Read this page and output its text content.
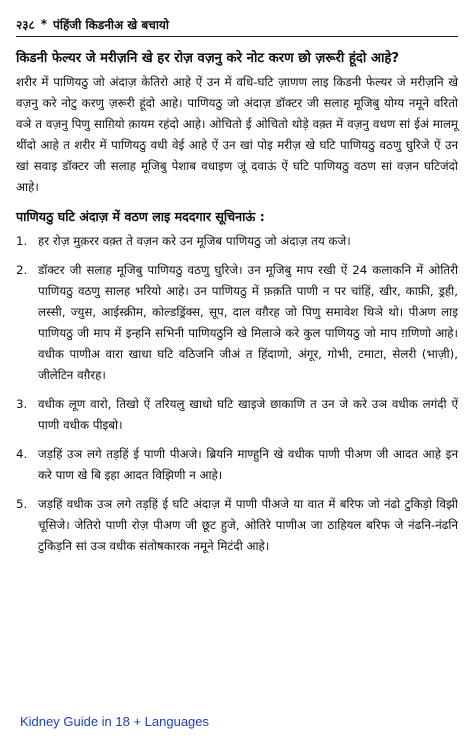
२३८ * पंहिंजी किडनीअ खे बचायो
किडनी फेल्यर जे मरीज़नि खे हर रोज़ वज़नु करे नोट करण छो ज़रूरी हूंदो आहे?

शरीर में पाणियठु जो अंदाज़ केतिरो आहे ऐं उन में वधि-घटि ज़ाणण लाइ किडनी फेल्यर जे मरीज़नि खे वज़नु करे नोटु करणु ज़रूरी हूंदो आहे। पाणियठु जो अंदाज़ डॉक्टर जी सलाह मूजिबु योग्य नमूने वरितो वञे त वज़नु पिणु साग़ियो क़ायम रहंदो आहे। ओचितो ई ओचितो थोड़े वक़्त में वज़नु वधण सां ईअं मालमू थींदो आहे त शरीर में पाणियठु वधी वेई आहे ऐं उन खां पोइ मरीज़ खे घटि पाणियठु वठणु घुरिजे ऐं उन खां सवाइ डॉक्टर जी सलाह मूजिबु पेशाब वधाइण जूं दवाऊं ऐं घटि पाणियठु वठण सां वज़न घटिजंदो आहे।

पाणियठु घटि अंदाज़ में वठण लाइ मददगार सूचिनाऊं :
1. हर रोज़ मुक़रर वक़्त ते वज़न करे उन मूजिब पाणियठु जो अंदाज़ तय कजे।
2. डॉक्टर जी सलाह मूजिबु पाणियठु वठणु घुरिजे। उन मूजिबु माप रखी ऐं 24 कलाकनि में ओतिरी पाणियठु वठणु सालह भरियो आहे। उन पाणियठु में फ़क़ति पाणी न पर चांहिं, खीर, काफ़ी, ड्रही, लस्सी, ज्युस, आईस्क्रीम, कोल्डड्रिंक्स, सूप, दाल वग़ैरह जो पिणु समावेश थिञे थो। पीअण लाइ पाणियठु जी माप में इन्हनि सभिनी पाणियठुनि खे मिलाञे करे कुल पाणियठु जो माप ग़णिणो आहे। वधीक पाणीअ वारा खाधा घटि वठिजनि जीअं त हिंदाणो, अंगूर, गोभी, टमाटा, सेलरी (भाज़ी), जीलेटिन वग़ैरह।
3. वधीक लूण वारो, तिखो ऐं तरियलु खाधो घटि खाइजे छाकाणि त उन जे करे उञ वधीक लगंदी ऐं पाणी वधीक पीइबो।
4. जड़हिं उञ लगे तड़हिं ई पाणी पीअजे। ब्रियनि माण्हुनि खे वधीक पाणी पीअण जी आदत आहे इन करे पाण खे बि इहा आदत विझिणी न आहे।
5. जड़हिं वधीक उञ लगे तड़हिं ई घटि अंदाज़ में पाणी पीअजे या वात में बरिफ जो नंढो टुकिड़ो विझी चूसिजे। जेतिरो पाणी रोज़ पीअण जी छूट हुजे, ओतिरे पाणीअ जा ठाहियल बरिफ जे नंढनि-नंढनि टुकिड़नि सां उञ वधीक संतोषकारक नमूने मिटंदी आहे।
Kidney Guide in 18 + Languages
